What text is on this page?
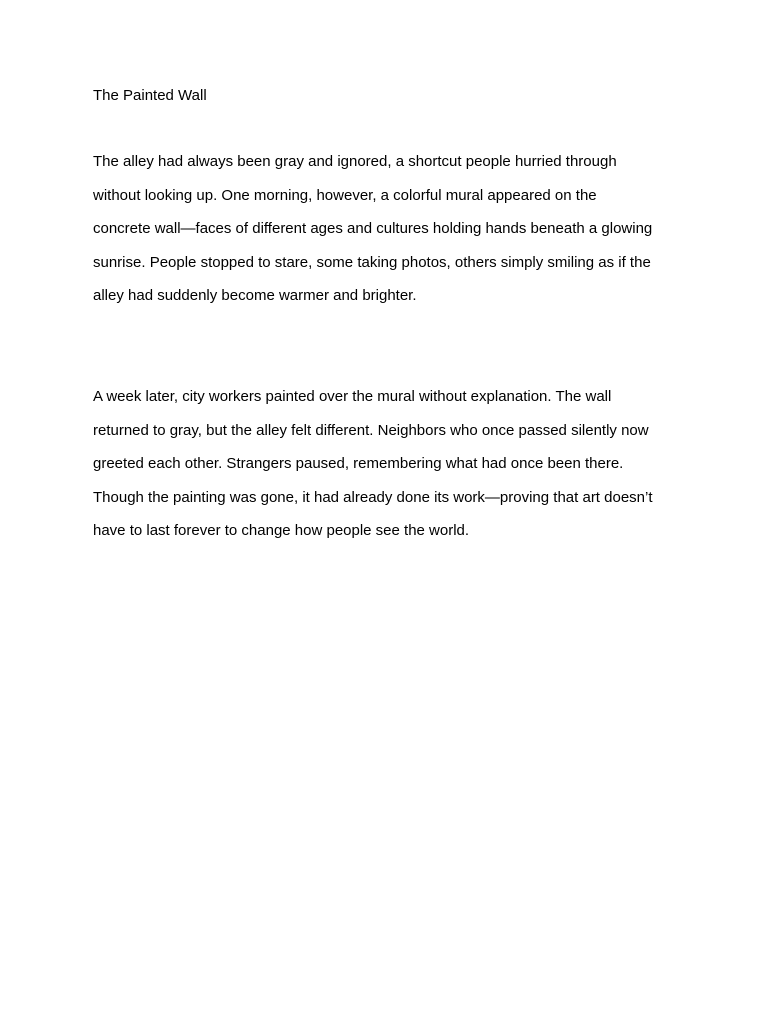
The Painted Wall
The alley had always been gray and ignored, a shortcut people hurried through
without looking up. One morning, however, a colorful mural appeared on the
concrete wall—faces of different ages and cultures holding hands beneath a glowing
sunrise. People stopped to stare, some taking photos, others simply smiling as if the
alley had suddenly become warmer and brighter.
A week later, city workers painted over the mural without explanation. The wall
returned to gray, but the alley felt different. Neighbors who once passed silently now
greeted each other. Strangers paused, remembering what had once been there.
Though the painting was gone, it had already done its work—proving that art doesn’t
have to last forever to change how people see the world.
